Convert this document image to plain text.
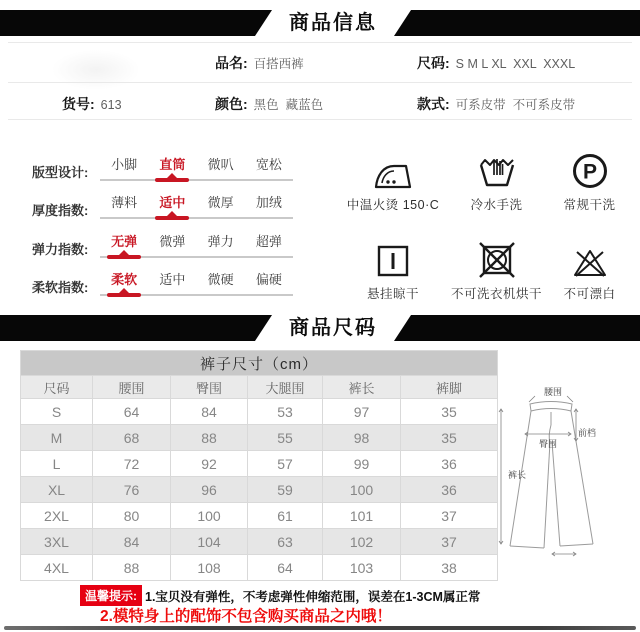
商品信息
品名: 百搭西裤	尺码: S M L XL  XXL  XXXL
货号: 613	颜色: 黑色  藏蓝色	款式: 可系皮带  不可系皮带
版型设计:
小脚	直筒	微叭	宽松
厚度指数:
薄料	适中	微厚	加绒
弹力指数:
无弹	微弹	弹力	超弹
柔软指数:
柔软	适中	微硬	偏硬
中温火烫 150·C 冷水手洗
P
常规干洗
悬挂晾干	不可洗衣机烘干 不可漂白
商品尺码
裤子尺寸（cm）					
尺码	腰围	臀围	大腿围	裤长	裤脚
S	64	84	53	97	35
M	68	88	55	98	35
L	72	92	57	99	36
XL	76	96	59	100	36
2XL	80	100	61	101	37
3XL	84	104	63	102	37
4XL	88	108	64	103	38
腰围
臀围
前档
裤长
温馨提示: 1.宝贝没有弹性，不考虑弹性伸缩范围，误差在1-3CM属正常
2.模特身上的配饰不包含购买商品之内哦！
